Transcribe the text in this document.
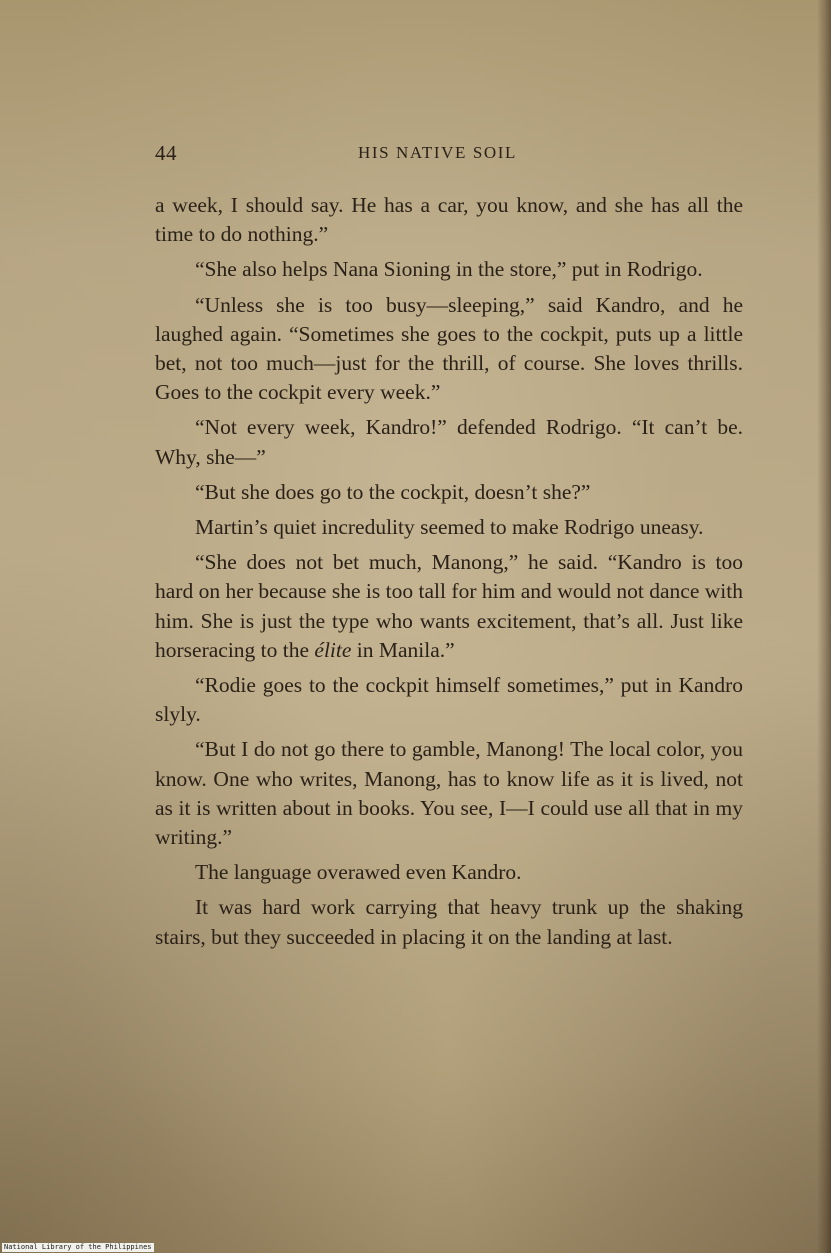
44	HIS NATIVE SOIL

a week, I should say. He has a car, you know, and she has all the time to do nothing.”

“She also helps Nana Sioning in the store,” put in Rodrigo.

“Unless she is too busy—sleeping,” said Kandro, and he laughed again. “Sometimes she goes to the cockpit, puts up a little bet, not too much—just for the thrill, of course. She loves thrills. Goes to the cockpit every week.”

“Not every week, Kandro!” defended Rodrigo. “It can’t be. Why, she—”

“But she does go to the cockpit, doesn’t she?”

Martin’s quiet incredulity seemed to make Rodrigo uneasy.

“She does not bet much, Manong,” he said. “Kandro is too hard on her because she is too tall for him and would not dance with him. She is just the type who wants excitement, that’s all. Just like horseracing to the élite in Manila.”

“Rodie goes to the cockpit himself sometimes,” put in Kandro slyly.

“But I do not go there to gamble, Manong! The local color, you know. One who writes, Manong, has to know life as it is lived, not as it is written about in books. You see, I—I could use all that in my writing.”

The language overawed even Kandro.

It was hard work carrying that heavy trunk up the shaking stairs, but they succeeded in placing it on the landing at last.

National Library of the Philippines
